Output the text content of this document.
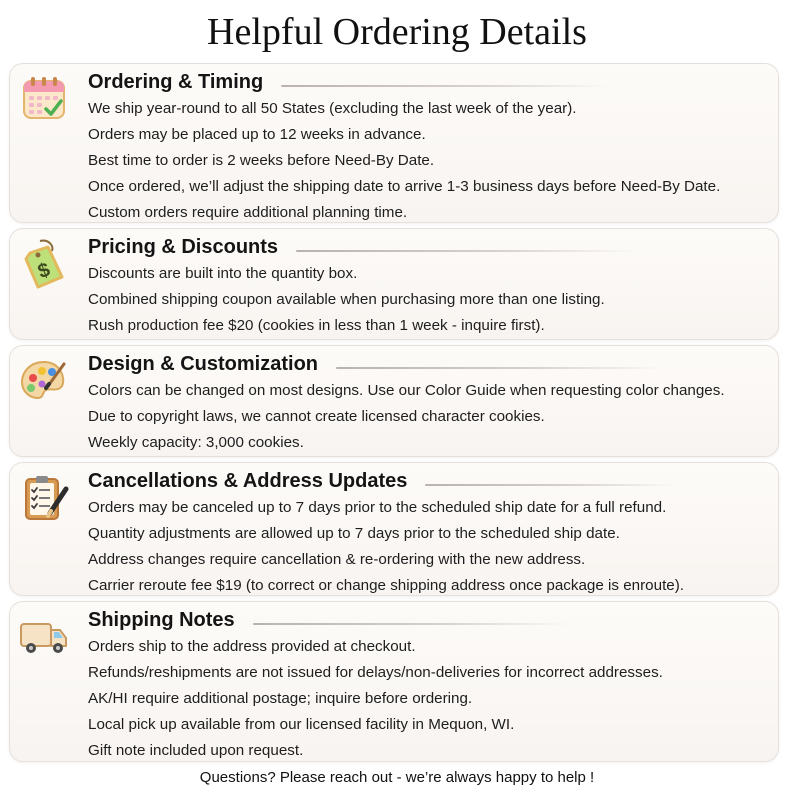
Helpful Ordering Details
Ordering & Timing
We ship year-round to all 50 States (excluding the last week of the year).
Orders may be placed up to 12 weeks in advance.
Best time to order is 2 weeks before Need-By Date.
Once ordered, we’ll adjust the shipping date to arrive 1-3 business days before Need-By Date.
Custom orders require additional planning time.
$
Pricing & Discounts
Discounts are built into the quantity box.
Combined shipping coupon available when purchasing more than one listing.
Rush production fee $20 (cookies in less than 1 week - inquire first).
Design & Customization
Colors can be changed on most designs. Use our Color Guide when requesting color changes.
Due to copyright laws, we cannot create licensed character cookies.
Weekly capacity: 3,000 cookies.
Cancellations & Address Updates
Orders may be canceled up to 7 days prior to the scheduled ship date for a full refund.
Quantity adjustments are allowed up to 7 days prior to the scheduled ship date.
Address changes require cancellation & re-ordering with the new address.
Carrier reroute fee $19 (to correct or change shipping address once package is enroute).
Shipping Notes
Orders ship to the address provided at checkout.
Refunds/reshipments are not issued for delays/non-deliveries for incorrect addresses.
AK/HI require additional postage; inquire before ordering.
Local pick up available from our licensed facility in Mequon, WI.
Gift note included upon request.
Questions? Please reach out - we’re always happy to help !
